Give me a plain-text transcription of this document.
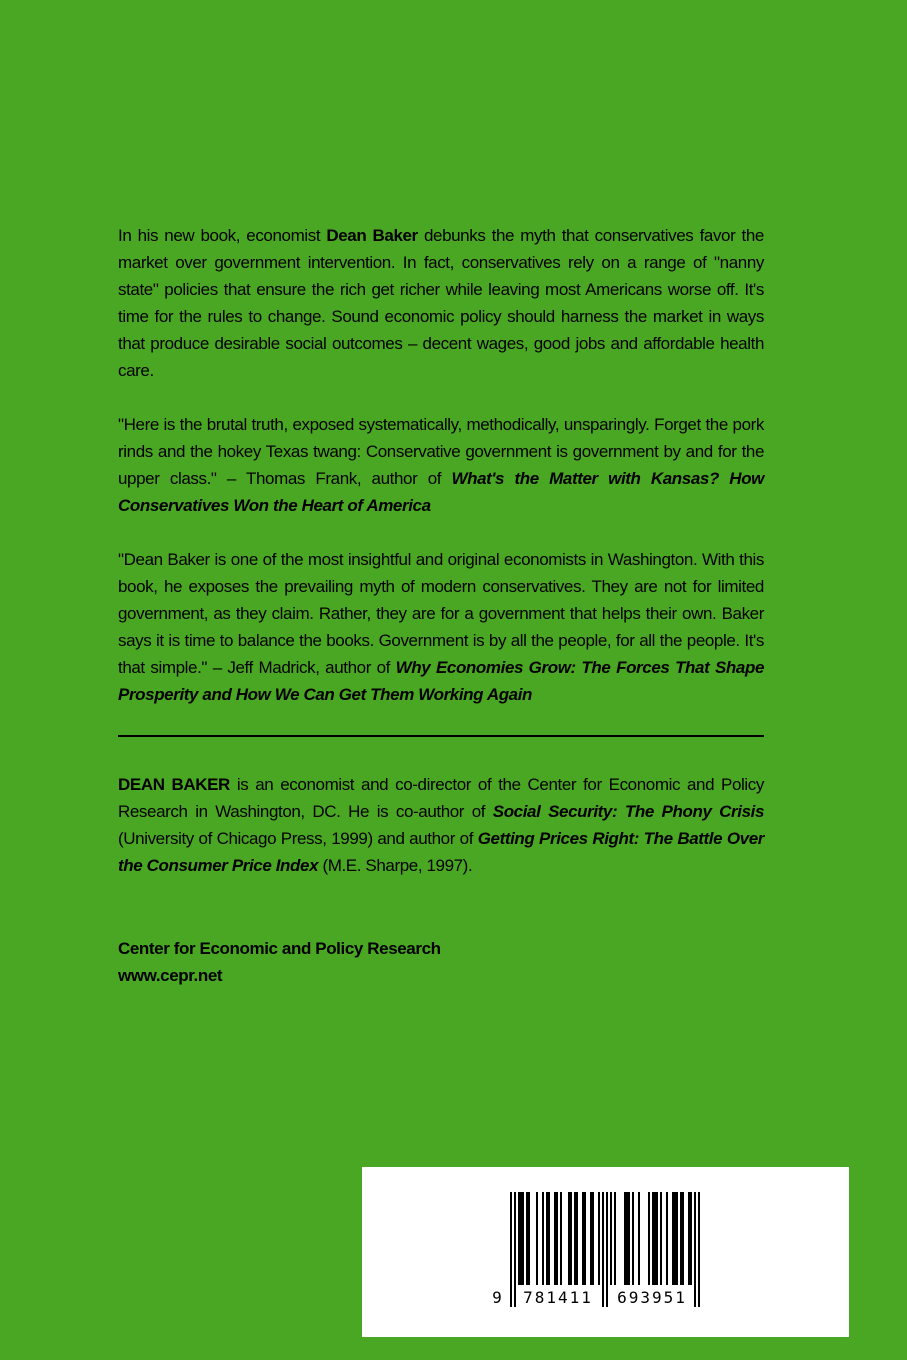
In his new book, economist Dean Baker debunks the myth that conservatives favor the market over government intervention. In fact, conservatives rely on a range of "nanny state" policies that ensure the rich get richer while leaving most Americans worse off. It's time for the rules to change. Sound economic policy should harness the market in ways that produce desirable social outcomes – decent wages, good jobs and affordable health care.

"Here is the brutal truth, exposed systematically, methodically, unsparingly. Forget the pork rinds and the hokey Texas twang: Conservative government is government by and for the upper class." – Thomas Frank, author of What's the Matter with Kansas? How Conservatives Won the Heart of America

"Dean Baker is one of the most insightful and original economists in Washington. With this book, he exposes the prevailing myth of modern conservatives. They are not for limited government, as they claim. Rather, they are for a government that helps their own. Baker says it is time to balance the books. Government is by all the people, for all the people. It's that simple." – Jeff Madrick, author of Why Economies Grow: The Forces That Shape Prosperity and How We Can Get Them Working Again

DEAN BAKER is an economist and co-director of the Center for Economic and Policy Research in Washington, DC. He is co-author of Social Security: The Phony Crisis (University of Chicago Press, 1999) and author of Getting Prices Right: The Battle Over the Consumer Price Index (M.E. Sharpe, 1997).

Center for Economic and Policy Research
www.cepr.net
9	781411	693951
